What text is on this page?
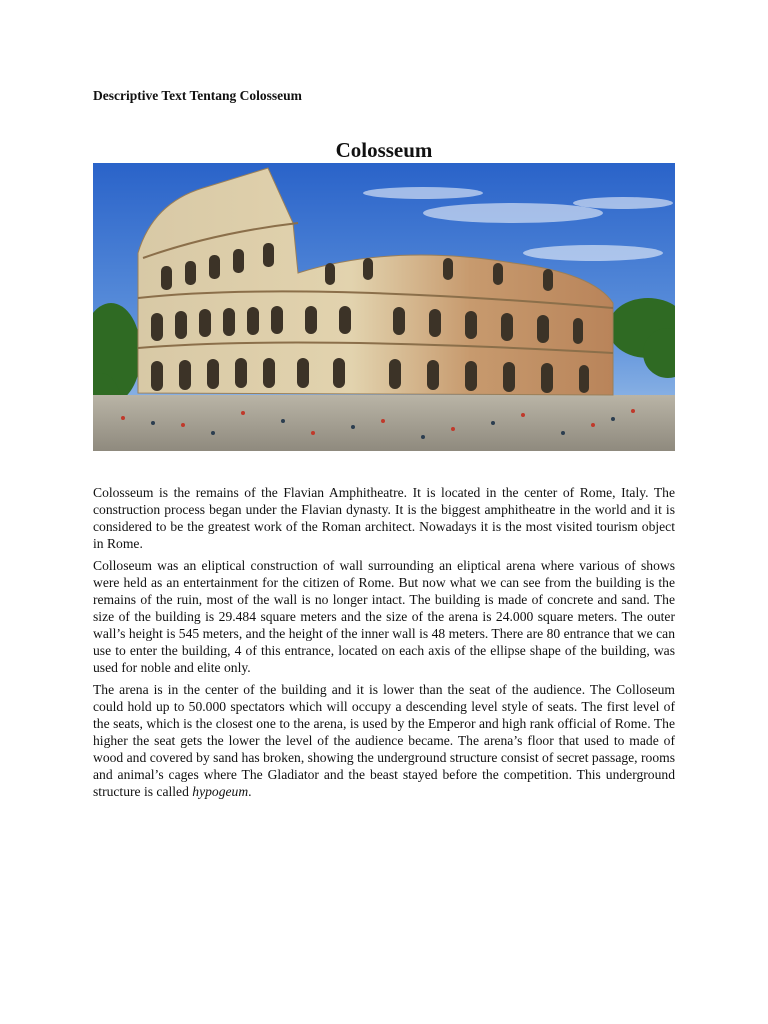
Descriptive Text Tentang Colosseum
Colosseum

Colosseum is the remains of the Flavian Amphitheatre. It is located in the center of Rome, Italy. The construction process began under the Flavian dynasty. It is the biggest amphitheatre in the world and it is considered to be the greatest work of the Roman architect. Nowadays it is the most visited tourism object in Rome.

Colloseum was an eliptical construction of wall surrounding an eliptical arena where various of shows were held as an entertainment for the citizen of Rome. But now what we can see from the building is the remains of the ruin, most of the wall is no longer intact. The building is made of concrete and sand. The size of the building is 29.484 square meters and the size of the arena is 24.000 square meters. The outer wall’s height is 545 meters, and the height of the inner wall is 48 meters. There are 80 entrance that we can use to enter the building, 4 of this entrance, located on each axis of the ellipse shape of the building, was used for noble and elite only.

The arena is in the center of the building and it is lower than the seat of the audience. The Colloseum could hold up to 50.000 spectators which will occupy a descending level style of seats. The first level of the seats, which is the closest one to the arena, is used by the Emperor and high rank official of Rome. The higher the seat gets the lower the level of the audience became. The arena’s floor that used to made of wood and covered by sand has broken, showing the underground structure consist of secret passage, rooms and animal’s cages where The Gladiator and the beast stayed before the competition. This underground structure is called hypogeum.
